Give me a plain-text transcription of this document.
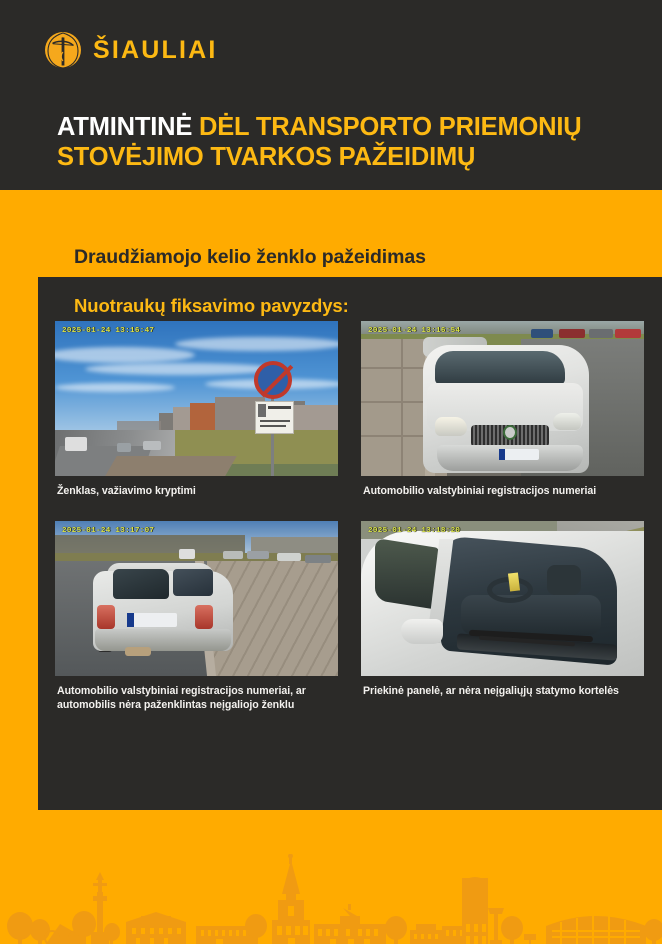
ŠIAULIAI
ATMINTINĖ DĖL TRANSPORTO PRIEMONIŲ
STOVĖJIMO TVARKOS PAŽEIDIMŲ
Draudžiamojo kelio ženklo pažeidimas
Nuotraukų fiksavimo pavyzdys:
2025-01-24 13:16:47
Ženklas, važiavimo kryptimi
2025-01-24 13:16:54
Automobilio valstybiniai registracijos numeriai
2025-01-24 13:17:07
Automobilio valstybiniai registracijos numeriai, ar automobilis nėra paženklintas neįgaliojo ženklu
2025-01-24 13:18:20
Priekinė panelė, ar nėra neįgaliųjų statymo kortelės
